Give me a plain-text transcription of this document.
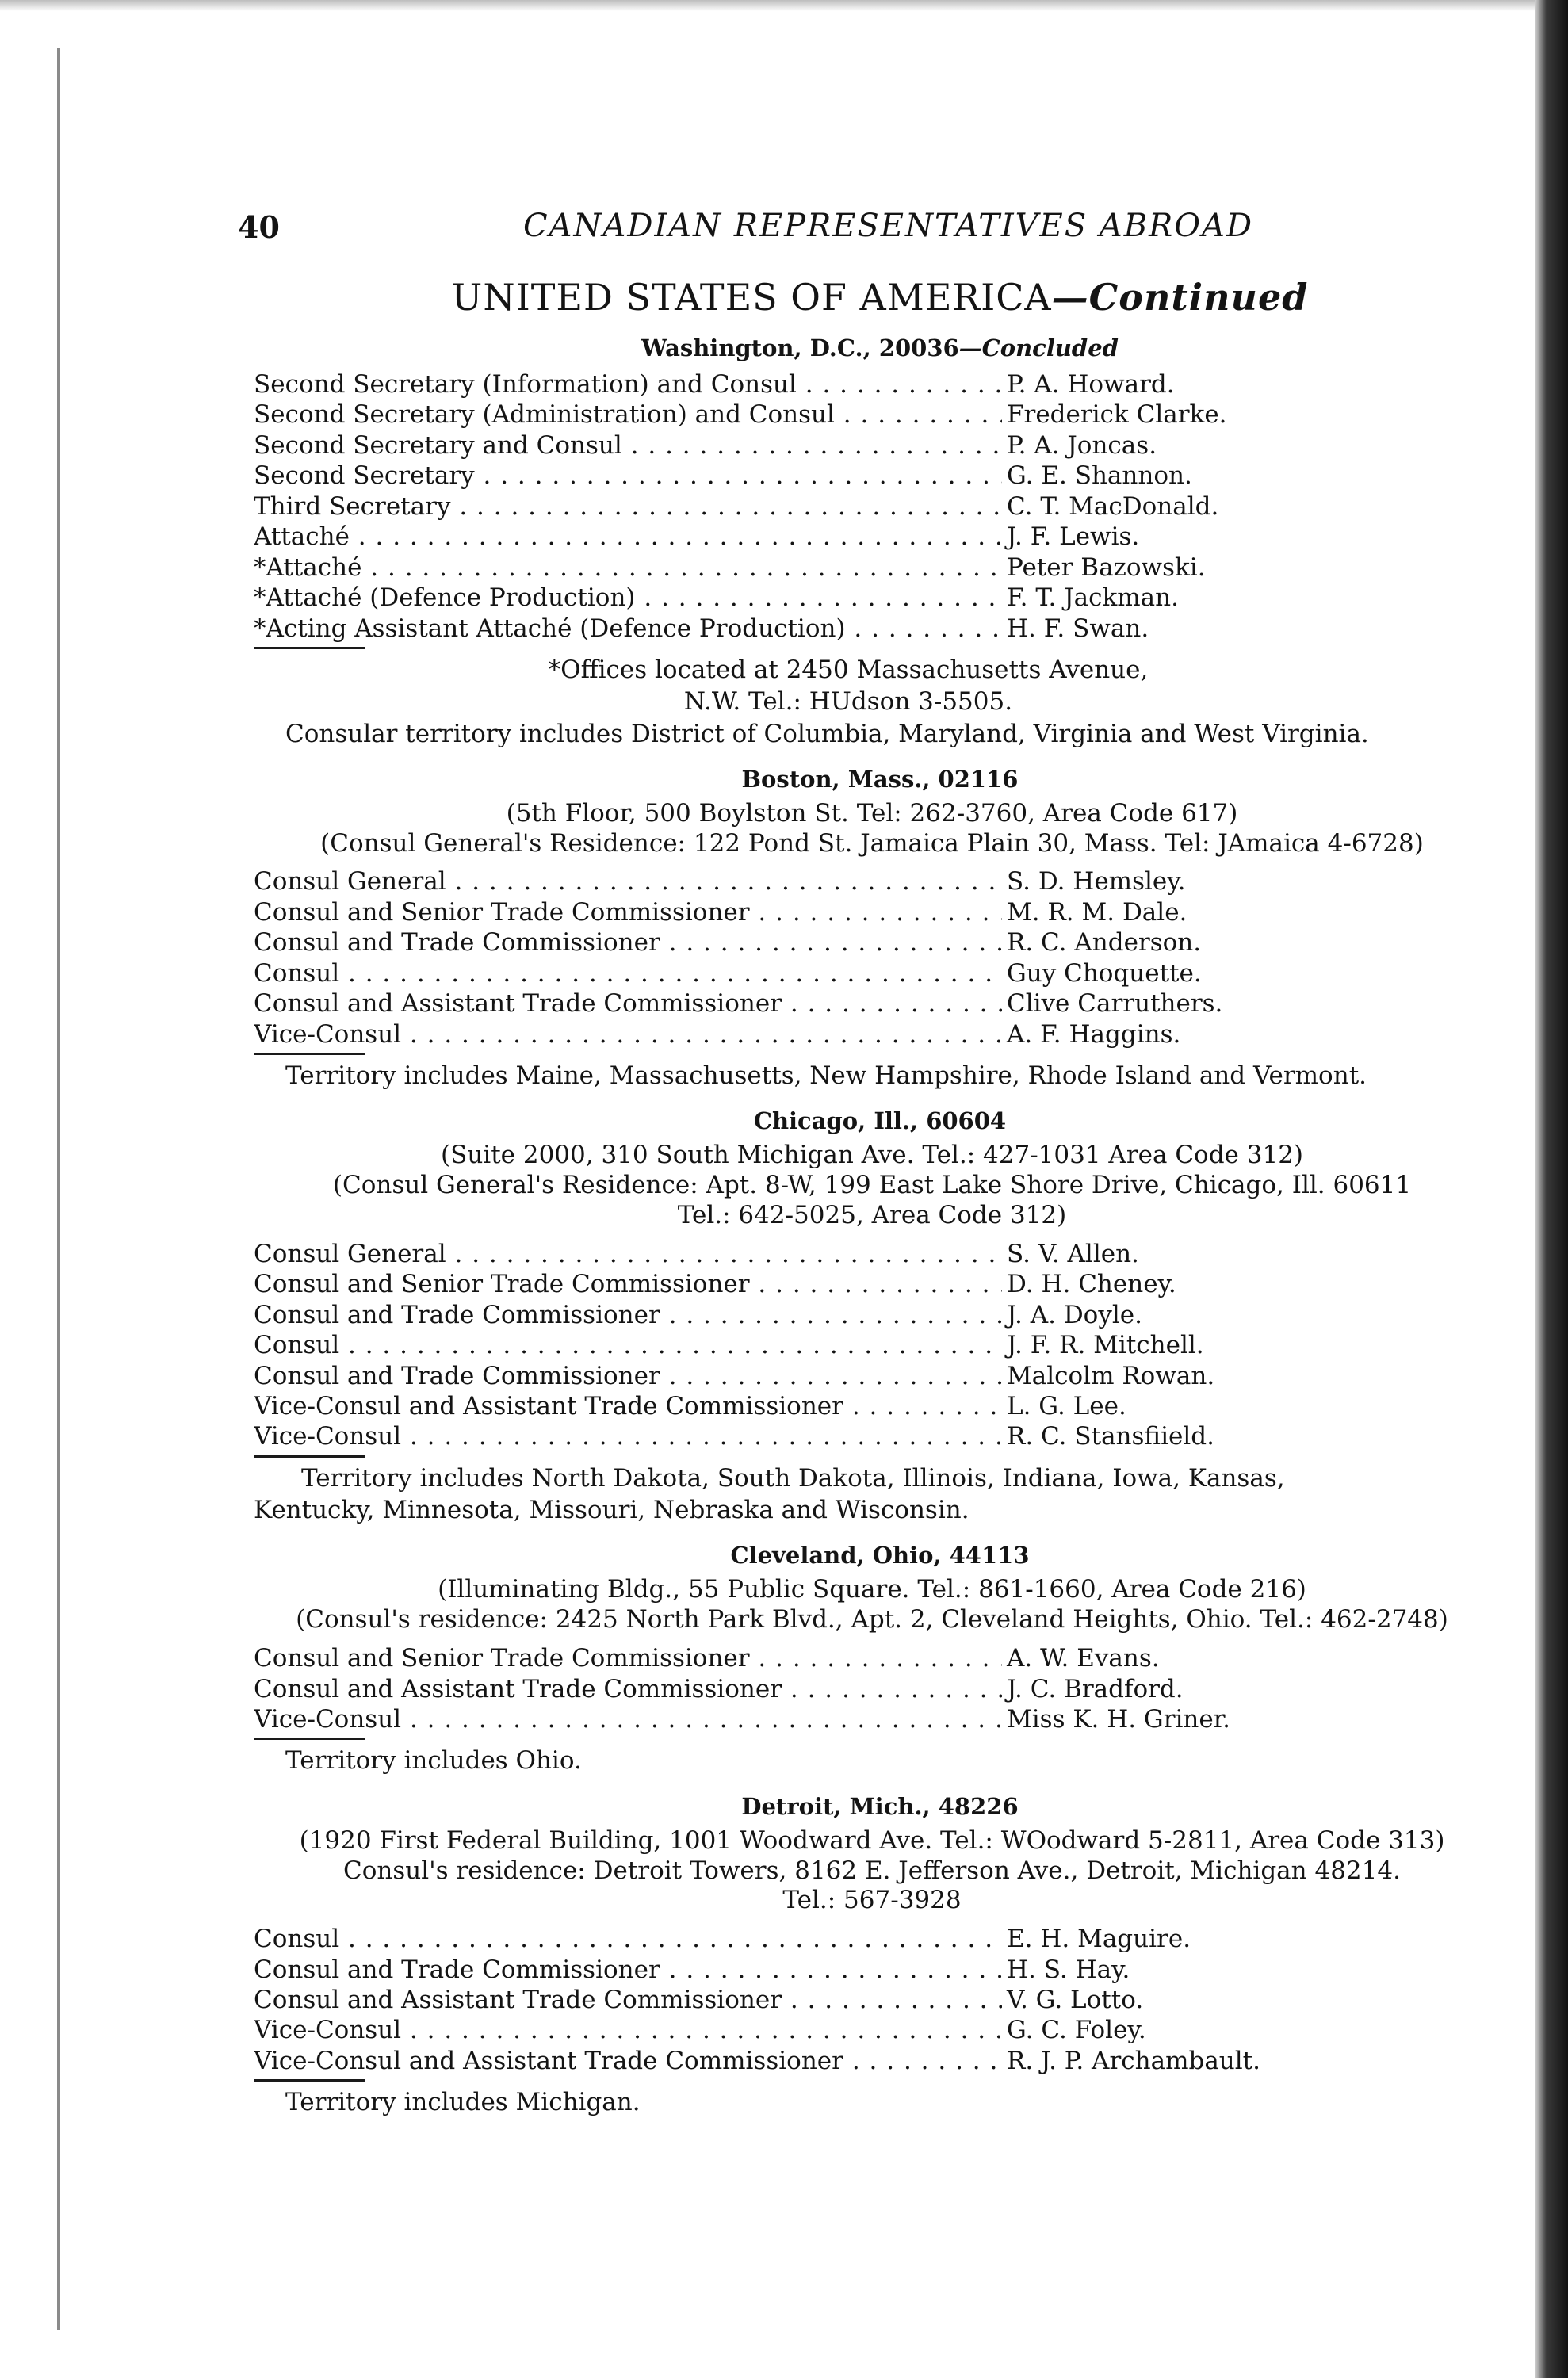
40	CANADIAN REPRESENTATIVES ABROAD
UNITED STATES OF AMERICA—Continued
Washington, D.C., 20036—Concluded
Second Secretary (Information) and Consul . . .	P. A. Howard.
Second Secretary (Administration) and Consul . . .	Frederick Clarke.
Second Secretary and Consul . . .	P. A. Joncas.
Second Secretary . . .	G. E. Shannon.
Third Secretary . . .	C. T. MacDonald.
Attaché . . .	J. F. Lewis.
*Attaché . . .	Peter Bazowski.
*Attaché (Defence Production) . . .	F. T. Jackman.
*Acting Assistant Attaché (Defence Production) . . .	H. F. Swan.
*Offices located at 2450 Massachusetts Avenue,
N.W. Tel.: HUdson 3-5505.
Consular territory includes District of Columbia, Maryland, Virginia and West Virginia.
Boston, Mass., 02116
(5th Floor, 500 Boylston St. Tel: 262-3760, Area Code 617)
(Consul General's Residence: 122 Pond St. Jamaica Plain 30, Mass. Tel: JAmaica 4-6728)
Consul General . . .	S. D. Hemsley.
Consul and Senior Trade Commissioner . . .	M. R. M. Dale.
Consul and Trade Commissioner . . .	R. C. Anderson.
Consul . . .	Guy Choquette.
Consul and Assistant Trade Commissioner . . .	Clive Carruthers.
Vice-Consul . . .	A. F. Haggins.
Territory includes Maine, Massachusetts, New Hampshire, Rhode Island and Vermont.
Chicago, Ill., 60604
(Suite 2000, 310 South Michigan Ave. Tel.: 427-1031 Area Code 312)
(Consul General's Residence: Apt. 8-W, 199 East Lake Shore Drive, Chicago, Ill. 60611
Tel.: 642-5025, Area Code 312)
Consul General . . .	S. V. Allen.
Consul and Senior Trade Commissioner . . .	D. H. Cheney.
Consul and Trade Commissioner . . .	J. A. Doyle.
Consul . . .	J. F. R. Mitchell.
Consul and Trade Commissioner . . .	Malcolm Rowan.
Vice-Consul and Assistant Trade Commissioner . . .	L. G. Lee.
Vice-Consul . . .	R. C. Stansfiield.
Territory includes North Dakota, South Dakota, Illinois, Indiana, Iowa, Kansas, Kentucky, Minnesota, Missouri, Nebraska and Wisconsin.
Cleveland, Ohio, 44113
(Illuminating Bldg., 55 Public Square. Tel.: 861-1660, Area Code 216)
(Consul's residence: 2425 North Park Blvd., Apt. 2, Cleveland Heights, Ohio. Tel.: 462-2748)
Consul and Senior Trade Commissioner . . .	A. W. Evans.
Consul and Assistant Trade Commissioner . . .	J. C. Bradford.
Vice-Consul . . .	Miss K. H. Griner.
Territory includes Ohio.
Detroit, Mich., 48226
(1920 First Federal Building, 1001 Woodward Ave. Tel.: WOodward 5-2811, Area Code 313)
Consul's residence: Detroit Towers, 8162 E. Jefferson Ave., Detroit, Michigan 48214.
Tel.: 567-3928
Consul . . .	E. H. Maguire.
Consul and Trade Commissioner . . .	H. S. Hay.
Consul and Assistant Trade Commissioner . . .	V. G. Lotto.
Vice-Consul . . .	G. C. Foley.
Vice-Consul and Assistant Trade Commissioner . . .	R. J. P. Archambault.
Territory includes Michigan.
